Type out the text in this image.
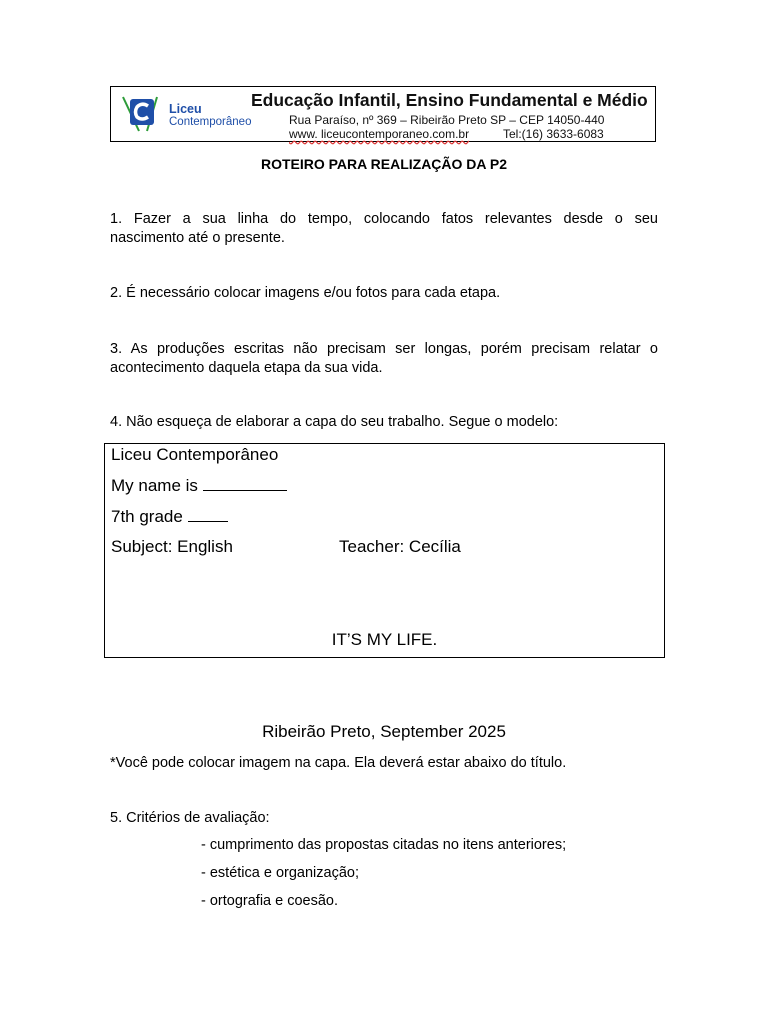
Liceu
Contemporâneo
Educação Infantil, Ensino Fundamental e Médio
Rua Paraíso, nº 369 – Ribeirão Preto SP – CEP 14050-440
www. liceucontemporaneo.com.br	Tel:(16) 3633-6083
ROTEIRO PARA REALIZAÇÃO DA P2
1. Fazer a sua linha do tempo, colocando fatos relevantes desde o seu
nascimento até o presente.
2. É necessário colocar imagens e/ou fotos para cada etapa.
3. As produções escritas não precisam ser longas, porém precisam relatar o
acontecimento daquela etapa da sua vida.
4. Não esqueça de elaborar a capa do seu trabalho. Segue o modelo:
Liceu Contemporâneo
My name is
7th grade
Subject: English	Teacher: Cecília
IT’S MY LIFE.
Ribeirão Preto, September 2025
*Você pode colocar imagem na capa. Ela deverá estar abaixo do título.
5. Critérios de avaliação:
- cumprimento das propostas citadas no itens anteriores;
- estética e organização;
- ortografia e coesão.
